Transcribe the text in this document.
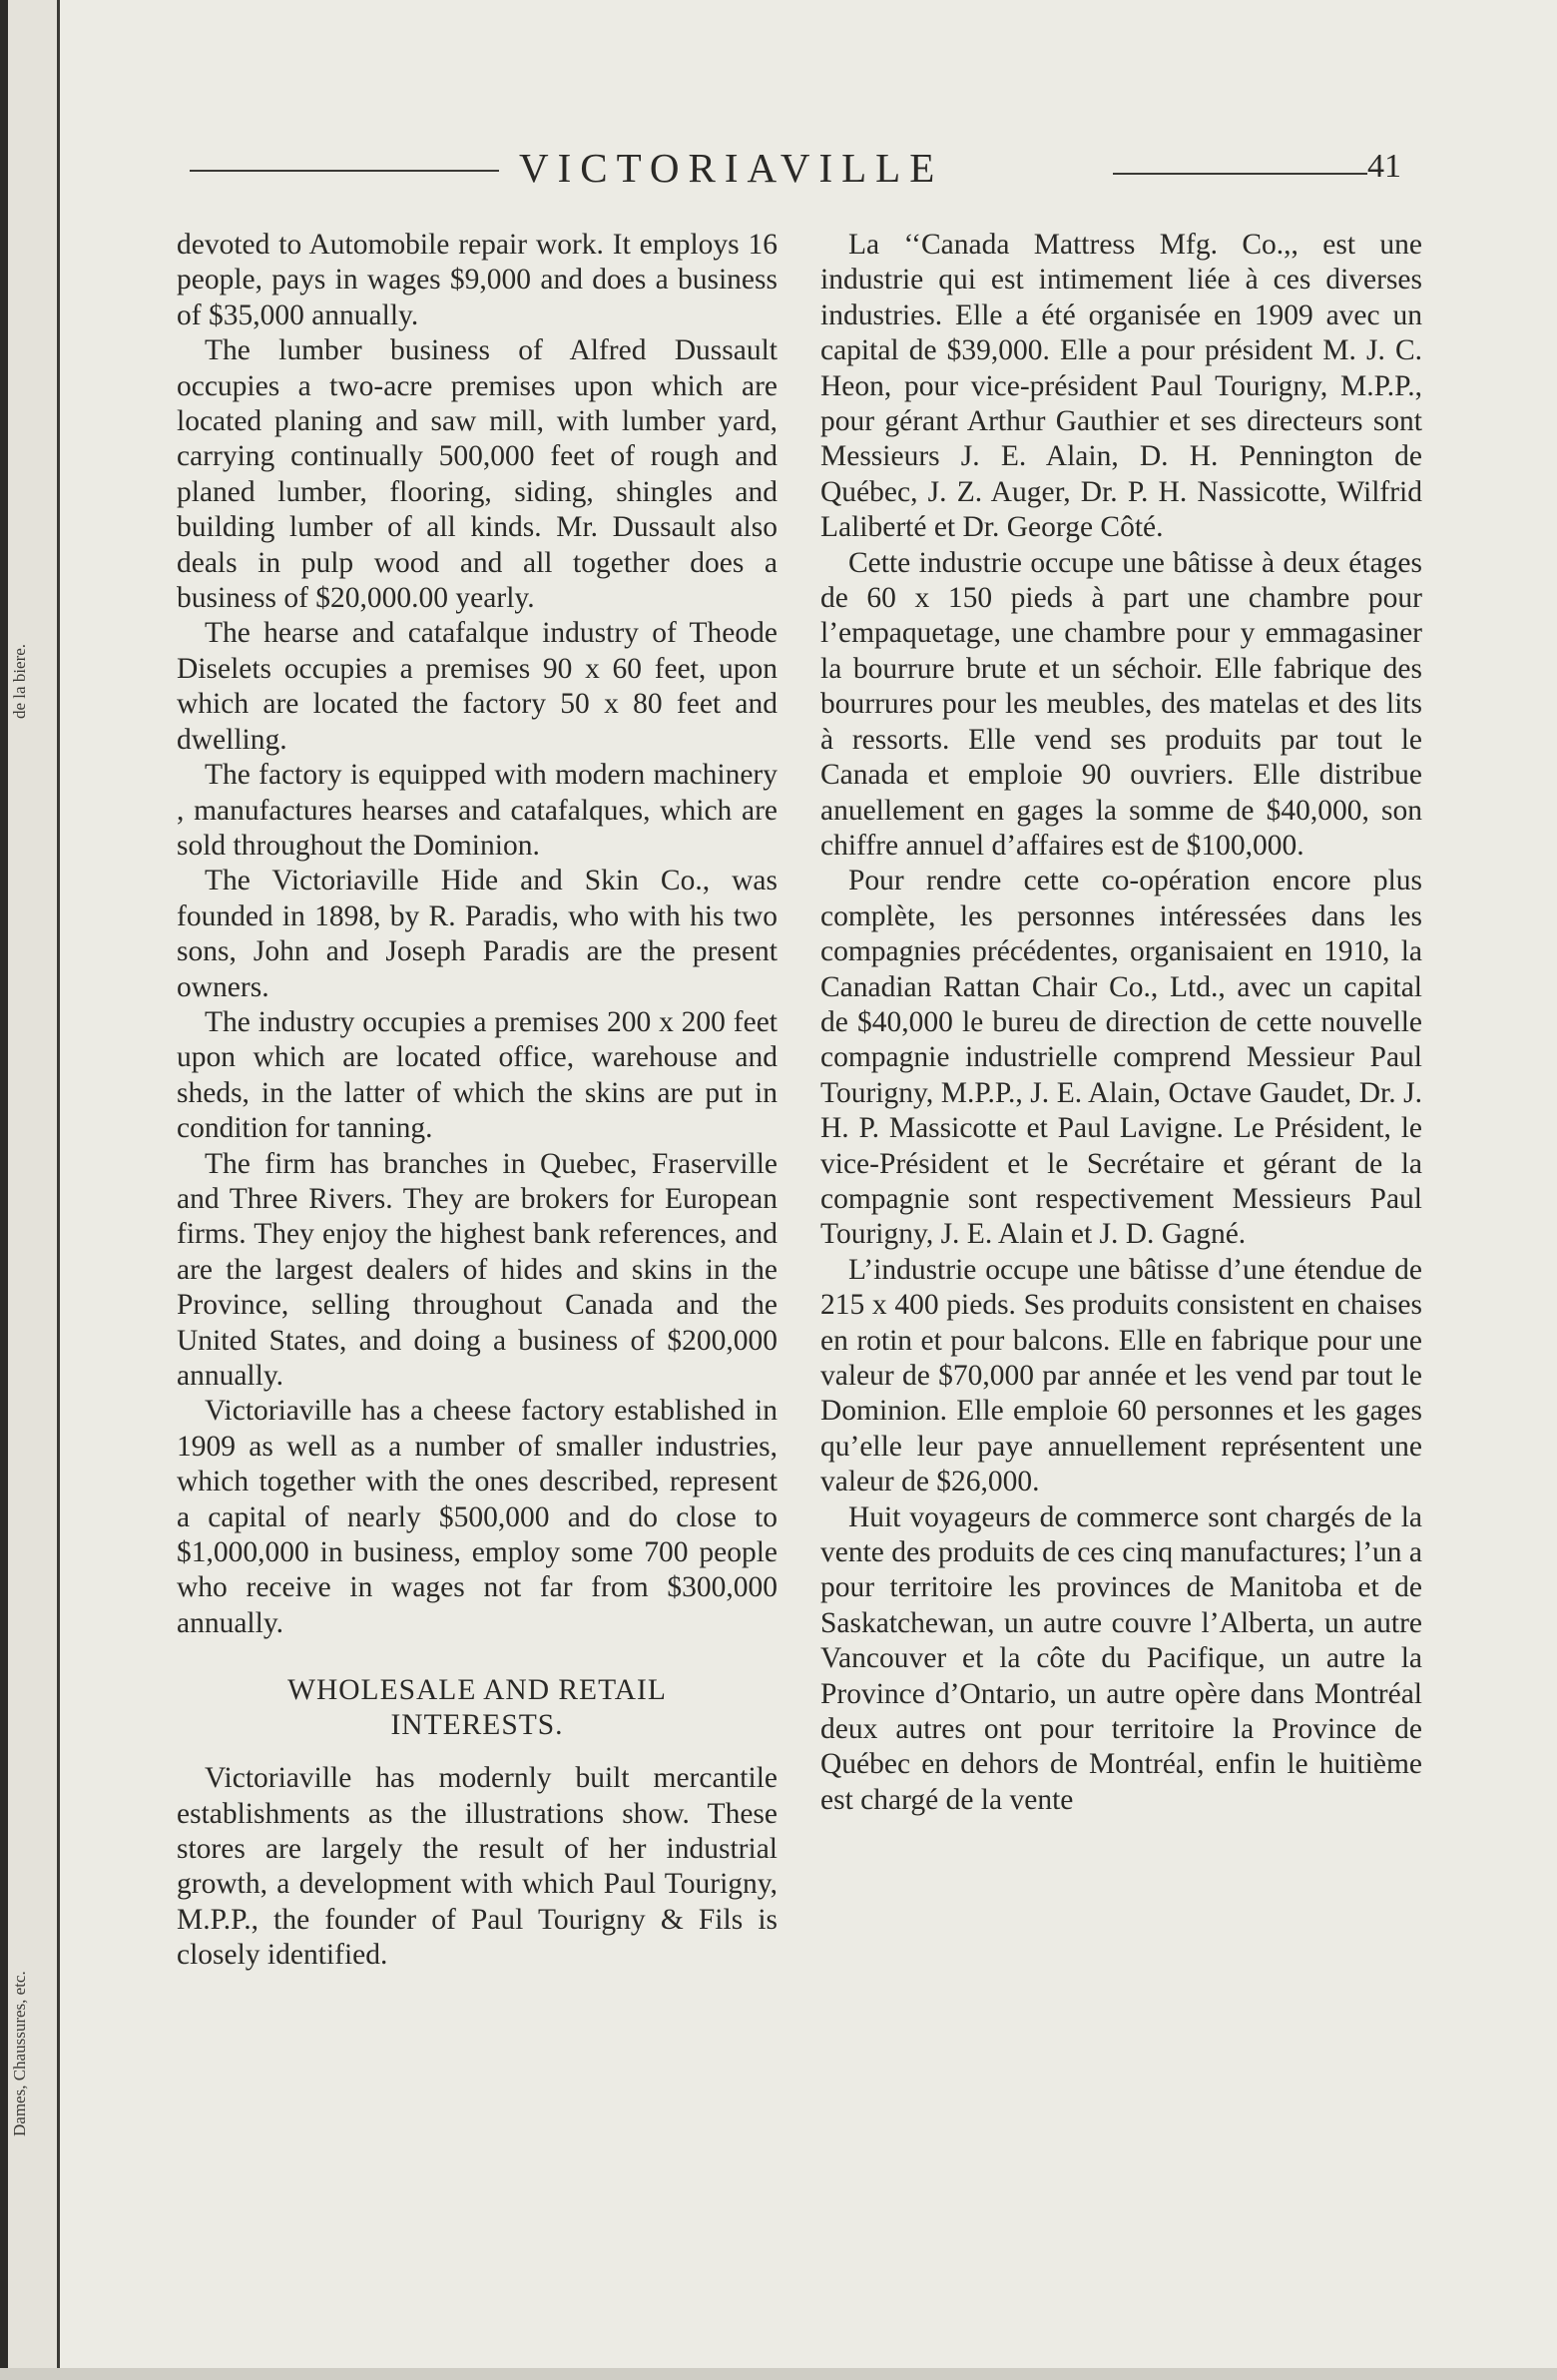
de la biere.
Dames, Chaussures, etc.
VICTORIAVILLE	41

devoted to Automobile repair work. It employs 16 people, pays in wages $9,000 and does a business of $35,000 annually.

The lumber business of Alfred Dussault occupies a two-acre premises upon which are located planing and saw mill, with lumber yard, carrying continually 500,000 feet of rough and planed lumber, flooring, siding, shingles and building lumber of all kinds. Mr. Dussault also deals in pulp wood and all together does a business of $20,000.00 yearly.

The hearse and catafalque industry of Theode Diselets occupies a premises 90 x 60 feet, upon which are located the factory 50 x 80 feet and dwelling.

The factory is equipped with modern machinery , manufactures hearses and catafalques, which are sold throughout the Dominion.

The Victoriaville Hide and Skin Co., was founded in 1898, by R. Paradis, who with his two sons, John and Joseph Paradis are the present owners.

The industry occupies a premises 200 x 200 feet upon which are located office, warehouse and sheds, in the latter of which the skins are put in condition for tanning.

The firm has branches in Quebec, Fraserville and Three Rivers. They are brokers for European firms. They enjoy the highest bank references, and are the largest dealers of hides and skins in the Province, selling throughout Canada and the United States, and doing a business of $200,000 annually.

Victoriaville has a cheese factory established in 1909 as well as a number of smaller industries, which together with the ones described, represent a capital of nearly $500,000 and do close to $1,000,000 in business, employ some 700 people who receive in wages not far from $300,000 annually.

WHOLESALE AND RETAIL
INTERESTS.

Victoriaville has modernly built mercantile establishments as the illustrations show. These stores are largely the result of her industrial growth, a development with which Paul Tourigny, M.P.P., the founder of Paul Tourigny & Fils is closely identified.

La ‘‘Canada Mattress Mfg. Co.,, est une industrie qui est intimement liée à ces diverses industries. Elle a été organisée en 1909 avec un capital de $39,000. Elle a pour président M. J. C. Heon, pour vice-président Paul Tourigny, M.P.P., pour gérant Arthur Gauthier et ses directeurs sont Messieurs J. E. Alain, D. H. Pennington de Québec, J. Z. Auger, Dr. P. H. Nassicotte, Wilfrid Laliberté et Dr. George Côté.

Cette industrie occupe une bâtisse à deux étages de 60 x 150 pieds à part une chambre pour l’empaquetage, une chambre pour y emmagasiner la bourrure brute et un séchoir. Elle fabrique des bourrures pour les meubles, des matelas et des lits à ressorts. Elle vend ses produits par tout le Canada et emploie 90 ouvriers. Elle distribue anuellement en gages la somme de $40,000, son chiffre annuel d’affaires est de $100,000.

Pour rendre cette co-opération encore plus complète, les personnes intéressées dans les compagnies précédentes, organisaient en 1910, la Canadian Rattan Chair Co., Ltd., avec un capital de $40,000 le bureu de direction de cette nouvelle compagnie industrielle comprend Messieur Paul Tourigny, M.P.P., J. E. Alain, Octave Gaudet, Dr. J. H. P. Massicotte et Paul Lavigne. Le Président, le vice-Président et le Secrétaire et gérant de la compagnie sont respectivement Messieurs Paul Tourigny, J. E. Alain et J. D. Gagné.

L’industrie occupe une bâtisse d’une étendue de 215 x 400 pieds. Ses produits consistent en chaises en rotin et pour balcons. Elle en fabrique pour une valeur de $70,000 par année et les vend par tout le Dominion. Elle emploie 60 personnes et les gages qu’elle leur paye annuellement représentent une valeur de $26,000.

Huit voyageurs de commerce sont chargés de la vente des produits de ces cinq manufactures; l’un a pour territoire les provinces de Manitoba et de Saskatchewan, un autre couvre l’Alberta, un autre Vancouver et la côte du Pacifique, un autre la Province d’Ontario, un autre opère dans Montréal deux autres ont pour territoire la Province de Québec en dehors de Montréal, enfin le huitième est chargé de la vente
